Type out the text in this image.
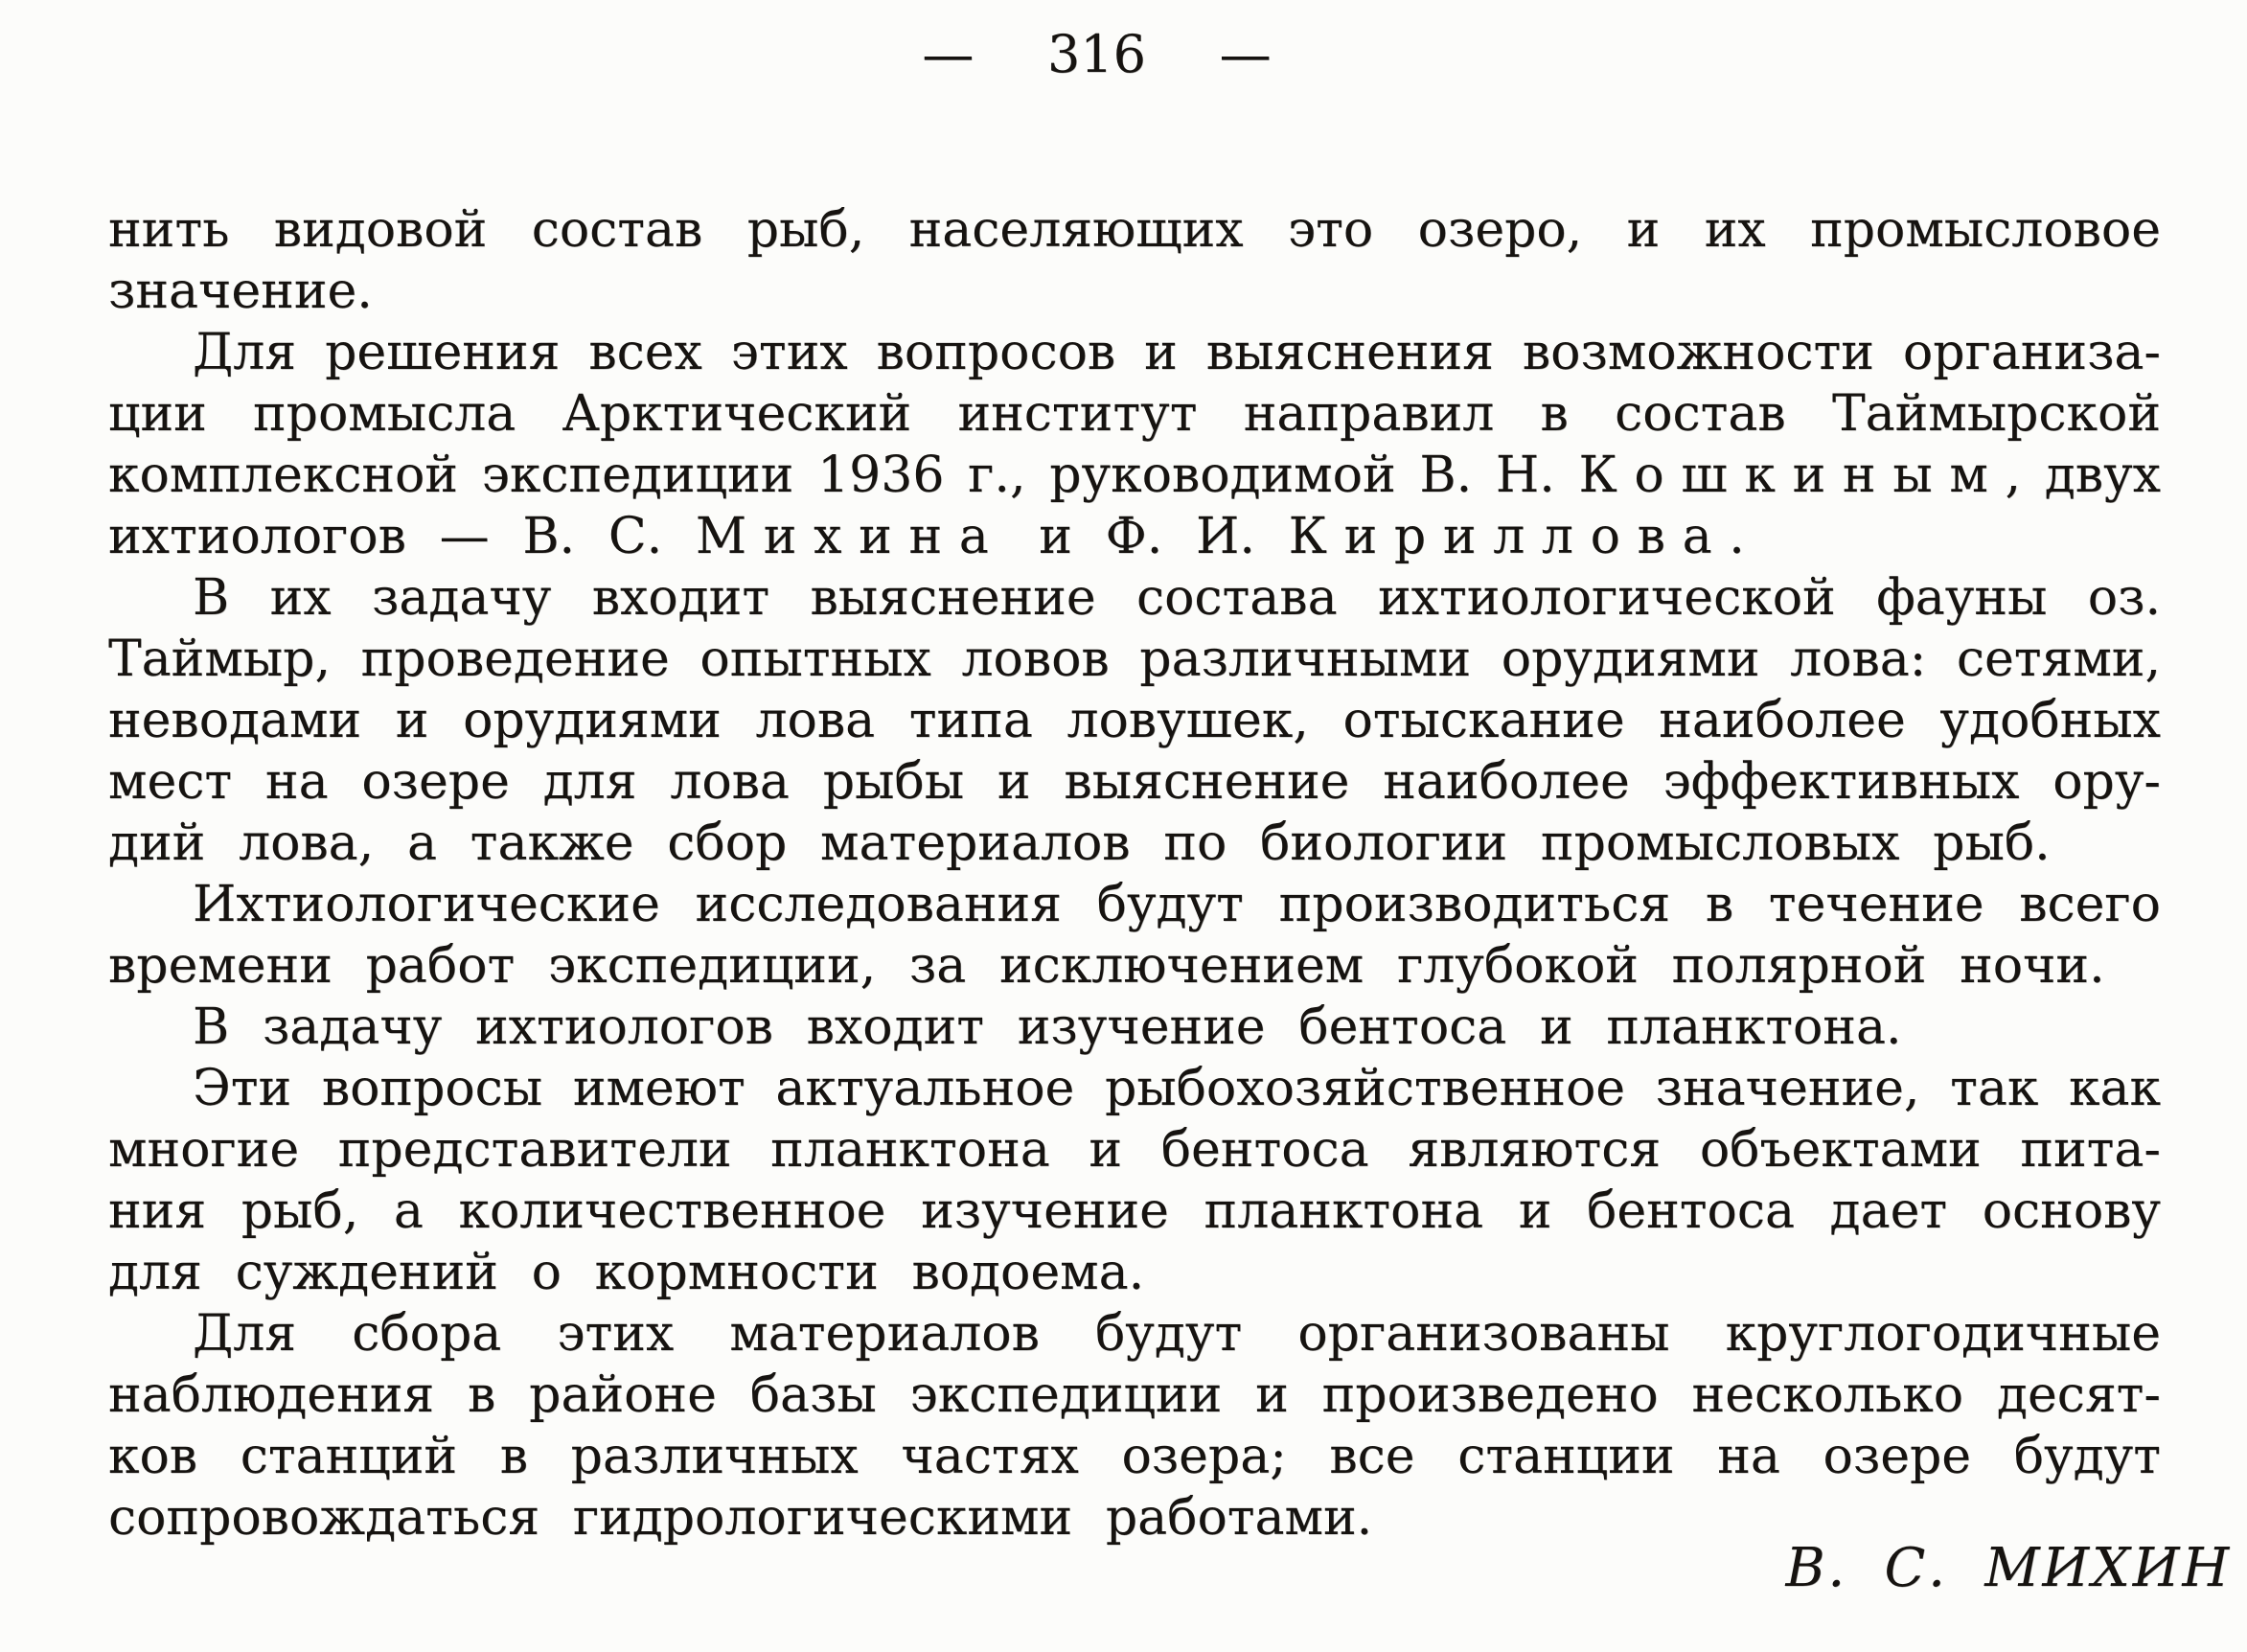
— 316 —
нить видовой состав рыб, населяющих это озеро, и их промысловое
значение.
Для решения всех этих вопросов и выяснения возможности организа-
ции промысла Арктический институт направил в состав Таймырской
комплексной экспедиции 1936 г., руководимой В. Н. Кошкиным, двух
ихтиологов — В. С. Михина и Ф. И. Кириллова.
В их задачу входит выяснение состава ихтиологической фауны оз.
Таймыр, проведение опытных ловов различными орудиями лова: сетями,
неводами и орудиями лова типа ловушек, отыскание наиболее удобных
мест на озере для лова рыбы и выяснение наиболее эффективных ору-
дий лова, а также сбор материалов по биологии промысловых рыб.
Ихтиологические исследования будут производиться в течение всего
времени работ экспедиции, за исключением глубокой полярной ночи.
В задачу ихтиологов входит изучение бентоса и планктона.
Эти вопросы имеют актуальное рыбохозяйственное значение, так как
многие представители планктона и бентоса являются объектами пита-
ния рыб, а количественное изучение планктона и бентоса дает основу
для суждений о кормности водоема.
Для сбора этих материалов будут организованы круглогодичные
наблюдения в районе базы экспедиции и произведено несколько десят-
ков станций в различных частях озера; все станции на озере будут
сопровождаться гидрологическими работами.
В. С. МИХИН
